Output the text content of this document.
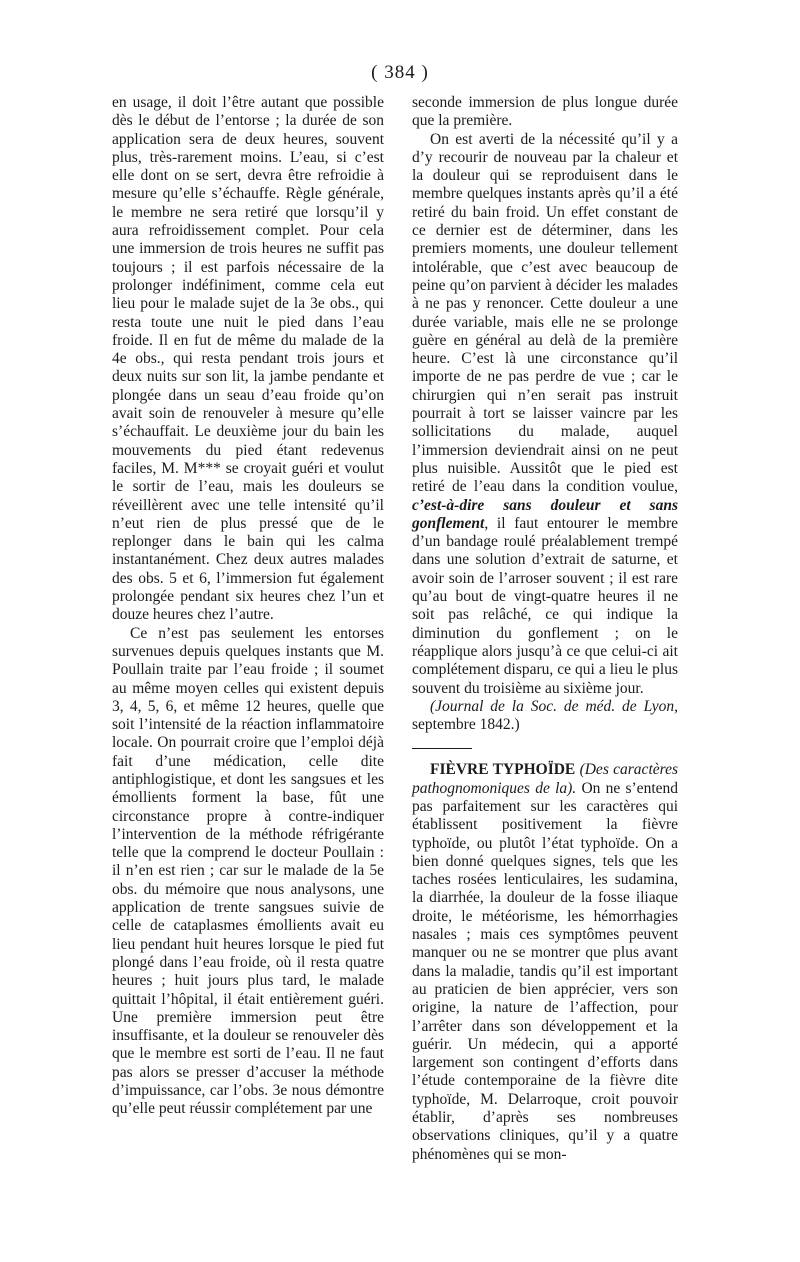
( 384 )

en usage, il doit l’être autant que possible dès le début de l’entorse ; la durée de son application sera de deux heures, souvent plus, très-rarement moins. L’eau, si c’est elle dont on se sert, devra être refroidie à mesure qu’elle s’échauffe. Règle générale, le membre ne sera retiré que lorsqu’il y aura refroidissement complet. Pour cela une immersion de trois heures ne suffit pas toujours ; il est parfois nécessaire de la prolonger indéfiniment, comme cela eut lieu pour le malade sujet de la 3e obs., qui resta toute une nuit le pied dans l’eau froide. Il en fut de même du malade de la 4e obs., qui resta pendant trois jours et deux nuits sur son lit, la jambe pendante et plongée dans un seau d’eau froide qu’on avait soin de renouveler à mesure qu’elle s’échauffait. Le deuxième jour du bain les mouvements du pied étant redevenus faciles, M. M*** se croyait guéri et voulut le sortir de l’eau, mais les douleurs se réveillèrent avec une telle intensité qu’il n’eut rien de plus pressé que de le replonger dans le bain qui les calma instantanément. Chez deux autres malades des obs. 5 et 6, l’immersion fut également prolongée pendant six heures chez l’un et douze heures chez l’autre.

Ce n’est pas seulement les entorses survenues depuis quelques instants que M. Poullain traite par l’eau froide ; il soumet au même moyen celles qui existent depuis 3, 4, 5, 6, et même 12 heures, quelle que soit l’intensité de la réaction inflammatoire locale. On pourrait croire que l’emploi déjà fait d’une médication, celle dite antiphlogistique, et dont les sangsues et les émollients forment la base, fût une circonstance propre à contre-indiquer l’intervention de la méthode réfrigérante telle que la comprend le docteur Poullain : il n’en est rien ; car sur le malade de la 5e obs. du mémoire que nous analysons, une application de trente sangsues suivie de celle de cataplasmes émollients avait eu lieu pendant huit heures lorsque le pied fut plongé dans l’eau froide, où il resta quatre heures ; huit jours plus tard, le malade quittait l’hôpital, il était entièrement guéri. Une première immersion peut être insuffisante, et la douleur se renouveler dès que le membre est sorti de l’eau. Il ne faut pas alors se presser d’accuser la méthode d’impuissance, car l’obs. 3e nous démontre qu’elle peut réussir complétement par une

seconde immersion de plus longue durée que la première.

On est averti de la nécessité qu’il y a d’y recourir de nouveau par la chaleur et la douleur qui se reproduisent dans le membre quelques instants après qu’il a été retiré du bain froid. Un effet constant de ce dernier est de déterminer, dans les premiers moments, une douleur tellement intolérable, que c’est avec beaucoup de peine qu’on parvient à décider les malades à ne pas y renoncer. Cette douleur a une durée variable, mais elle ne se prolonge guère en général au delà de la première heure. C’est là une circonstance qu’il importe de ne pas perdre de vue ; car le chirurgien qui n’en serait pas instruit pourrait à tort se laisser vaincre par les sollicitations du malade, auquel l’immersion deviendrait ainsi on ne peut plus nuisible. Aussitôt que le pied est retiré de l’eau dans la condition voulue, c’est-à-dire sans douleur et sans gonflement, il faut entourer le membre d’un bandage roulé préalablement trempé dans une solution d’extrait de saturne, et avoir soin de l’arroser souvent ; il est rare qu’au bout de vingt-quatre heures il ne soit pas relâché, ce qui indique la diminution du gonflement ; on le réapplique alors jusqu’à ce que celui-ci ait complétement disparu, ce qui a lieu le plus souvent du troisième au sixième jour.

(Journal de la Soc. de méd. de Lyon, septembre 1842.)

FIÈVRE TYPHOÏDE (Des caractères pathognomoniques de la). On ne s’entend pas parfaitement sur les caractères qui établissent positivement la fièvre typhoïde, ou plutôt l’état typhoïde. On a bien donné quelques signes, tels que les taches rosées lenticulaires, les sudamina, la diarrhée, la douleur de la fosse iliaque droite, le météorisme, les hémorrhagies nasales ; mais ces symptômes peuvent manquer ou ne se montrer que plus avant dans la maladie, tandis qu’il est important au praticien de bien apprécier, vers son origine, la nature de l’affection, pour l’arrêter dans son développement et la guérir. Un médecin, qui a apporté largement son contingent d’efforts dans l’étude contemporaine de la fièvre dite typhoïde, M. Delarroque, croit pouvoir établir, d’après ses nombreuses observations cliniques, qu’il y a quatre phénomènes qui se mon-
